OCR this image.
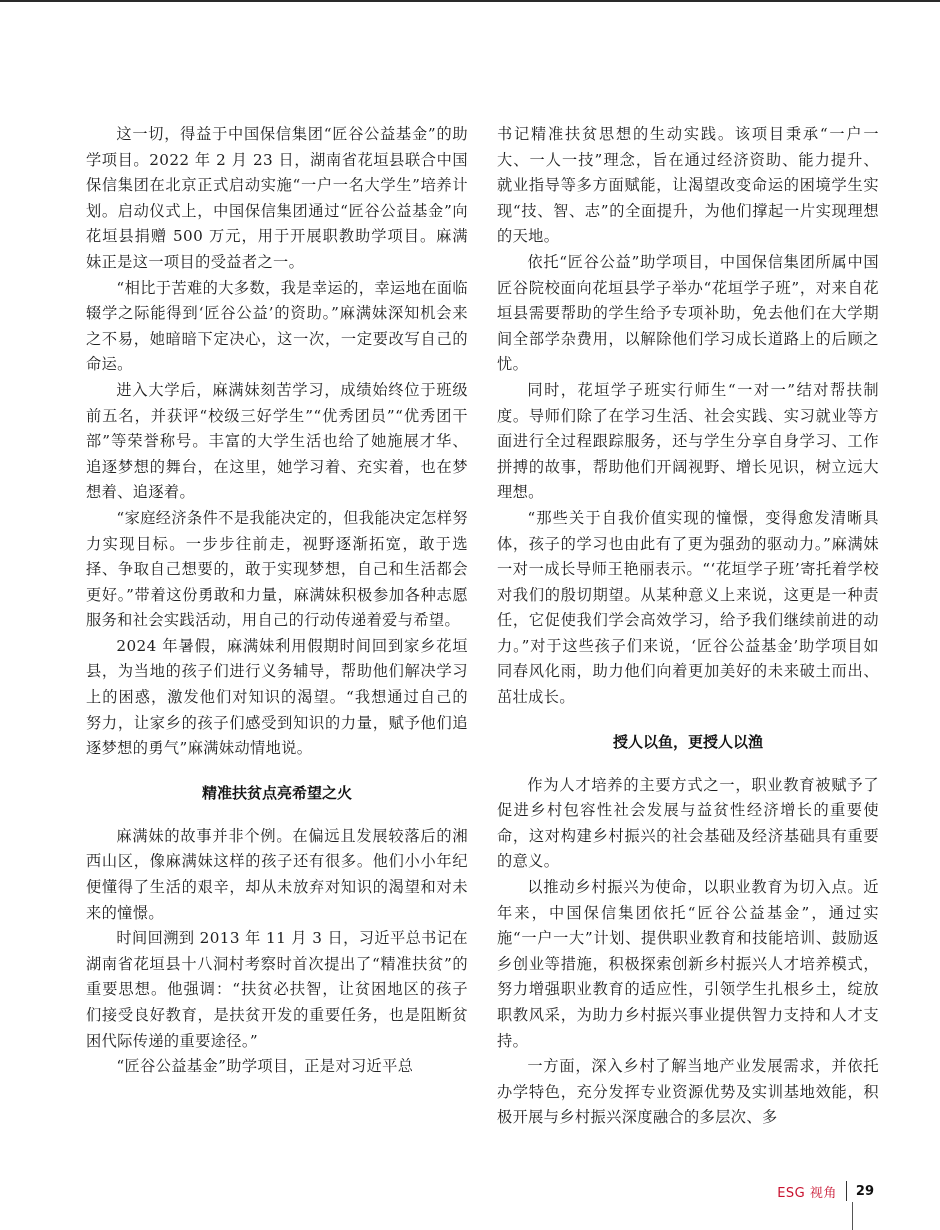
这一切，得益于中国保信集团“匠谷公益基金”的助学项目。2022 年 2 月 23 日，湖南省花垣县联合中国保信集团在北京正式启动实施“一户一名大学生”培养计划。启动仪式上，中国保信集团通过“匠谷公益基金”向花垣县捐赠 500 万元，用于开展职教助学项目。麻满妹正是这一项目的受益者之一。

“相比于苦难的大多数，我是幸运的，幸运地在面临辍学之际能得到‘匠谷公益’的资助。”麻满妹深知机会来之不易，她暗暗下定决心，这一次，一定要改写自己的命运。

进入大学后，麻满妹刻苦学习，成绩始终位于班级前五名，并获评“校级三好学生”“优秀团员”“优秀团干部”等荣誉称号。丰富的大学生活也给了她施展才华、追逐梦想的舞台，在这里，她学习着、充实着，也在梦想着、追逐着。

“家庭经济条件不是我能决定的，但我能决定怎样努力实现目标。一步步往前走，视野逐渐拓宽，敢于选择、争取自己想要的，敢于实现梦想，自己和生活都会更好。”带着这份勇敢和力量，麻满妹积极参加各种志愿服务和社会实践活动，用自己的行动传递着爱与希望。

2024 年暑假，麻满妹利用假期时间回到家乡花垣县，为当地的孩子们进行义务辅导，帮助他们解决学习上的困惑，激发他们对知识的渴望。“我想通过自己的努力，让家乡的孩子们感受到知识的力量，赋予他们追逐梦想的勇气”麻满妹动情地说。

精准扶贫点亮希望之火

麻满妹的故事并非个例。在偏远且发展较落后的湘西山区，像麻满妹这样的孩子还有很多。他们小小年纪便懂得了生活的艰辛，却从未放弃对知识的渴望和对未来的憧憬。

时间回溯到 2013 年 11 月 3 日，习近平总书记在湖南省花垣县十八洞村考察时首次提出了“精准扶贫”的重要思想。他强调：“扶贫必扶智，让贫困地区的孩子们接受良好教育，是扶贫开发的重要任务，也是阻断贫困代际传递的重要途径。”

“匠谷公益基金”助学项目，正是对习近平总

书记精准扶贫思想的生动实践。该项目秉承“一户一大、一人一技”理念，旨在通过经济资助、能力提升、就业指导等多方面赋能，让渴望改变命运的困境学生实现“技、智、志”的全面提升，为他们撑起一片实现理想的天地。

依托“匠谷公益”助学项目，中国保信集团所属中国匠谷院校面向花垣县学子举办“花垣学子班”，对来自花垣县需要帮助的学生给予专项补助，免去他们在大学期间全部学杂费用，以解除他们学习成长道路上的后顾之忧。

同时，花垣学子班实行师生“一对一”结对帮扶制度。导师们除了在学习生活、社会实践、实习就业等方面进行全过程跟踪服务，还与学生分享自身学习、工作拼搏的故事，帮助他们开阔视野、增长见识，树立远大理想。

“那些关于自我价值实现的憧憬，变得愈发清晰具体，孩子的学习也由此有了更为强劲的驱动力。”麻满妹一对一成长导师王艳丽表示。“‘花垣学子班’寄托着学校对我们的殷切期望。从某种意义上来说，这更是一种责任，它促使我们学会高效学习，给予我们继续前进的动力。”对于这些孩子们来说，‘匠谷公益基金’助学项目如同春风化雨，助力他们向着更加美好的未来破土而出、茁壮成长。

授人以鱼，更授人以渔

作为人才培养的主要方式之一，职业教育被赋予了促进乡村包容性社会发展与益贫性经济增长的重要使命，这对构建乡村振兴的社会基础及经济基础具有重要的意义。

以推动乡村振兴为使命，以职业教育为切入点。近年来，中国保信集团依托“匠谷公益基金”，通过实施“一户一大”计划、提供职业教育和技能培训、鼓励返乡创业等措施，积极探索创新乡村振兴人才培养模式，努力增强职业教育的适应性，引领学生扎根乡土，绽放职教风采，为助力乡村振兴事业提供智力支持和人才支持。

一方面，深入乡村了解当地产业发展需求，并依托办学特色，充分发挥专业资源优势及实训基地效能，积极开展与乡村振兴深度融合的多层次、多

ESG 视角 29
